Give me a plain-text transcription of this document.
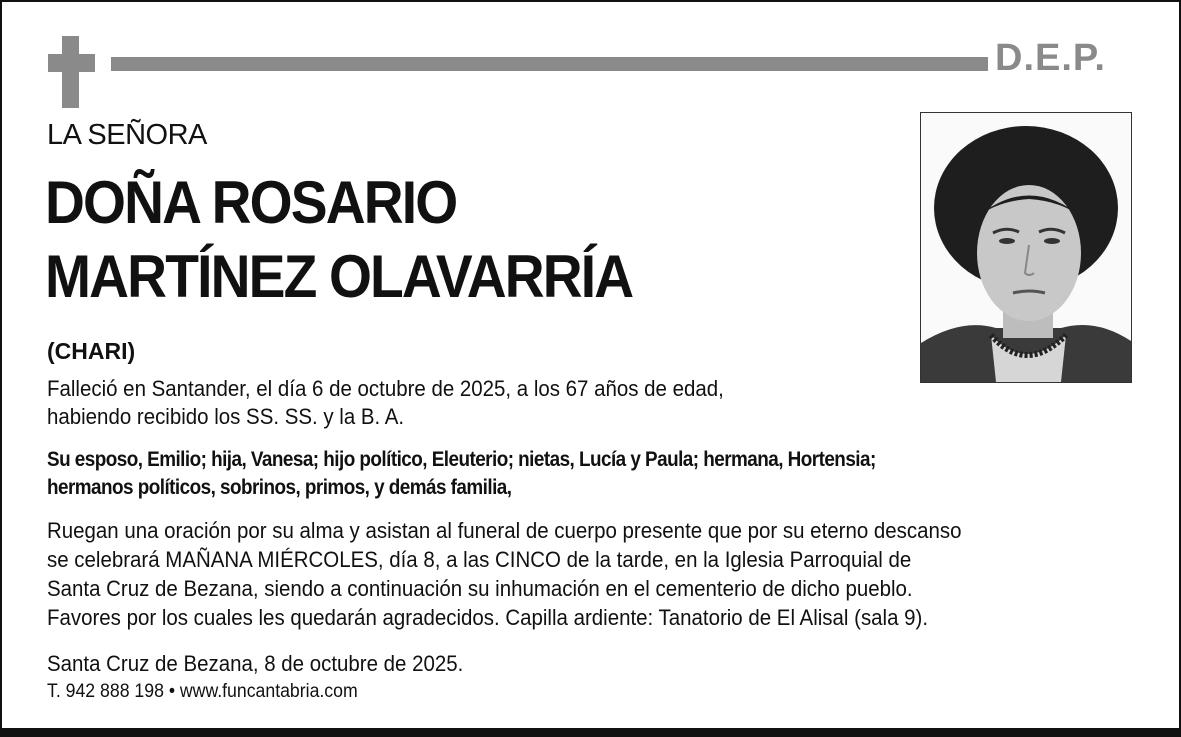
D.E.P.
LA SEÑORA
DOÑA ROSARIO
MARTÍNEZ OLAVARRÍA
(CHARI)
Falleció en Santander, el día 6 de octubre de 2025, a los 67 años de edad,
habiendo recibido los SS. SS. y la B. A.
Su esposo, Emilio; hija, Vanesa; hijo político, Eleuterio; nietas, Lucía y Paula; hermana, Hortensia;
hermanos políticos, sobrinos, primos, y demás familia,
Ruegan una oración por su alma y asistan al funeral de cuerpo presente que por su eterno descanso
se celebrará MAÑANA MIÉRCOLES, día 8, a las CINCO de la tarde, en la Iglesia Parroquial de
Santa Cruz de Bezana, siendo a continuación su inhumación en el cementerio de dicho pueblo.
Favores por los cuales les quedarán agradecidos. Capilla ardiente: Tanatorio de El Alisal (sala 9).
Santa Cruz de Bezana, 8 de octubre de 2025.
T. 942 888 198 • www.funcantabria.com
